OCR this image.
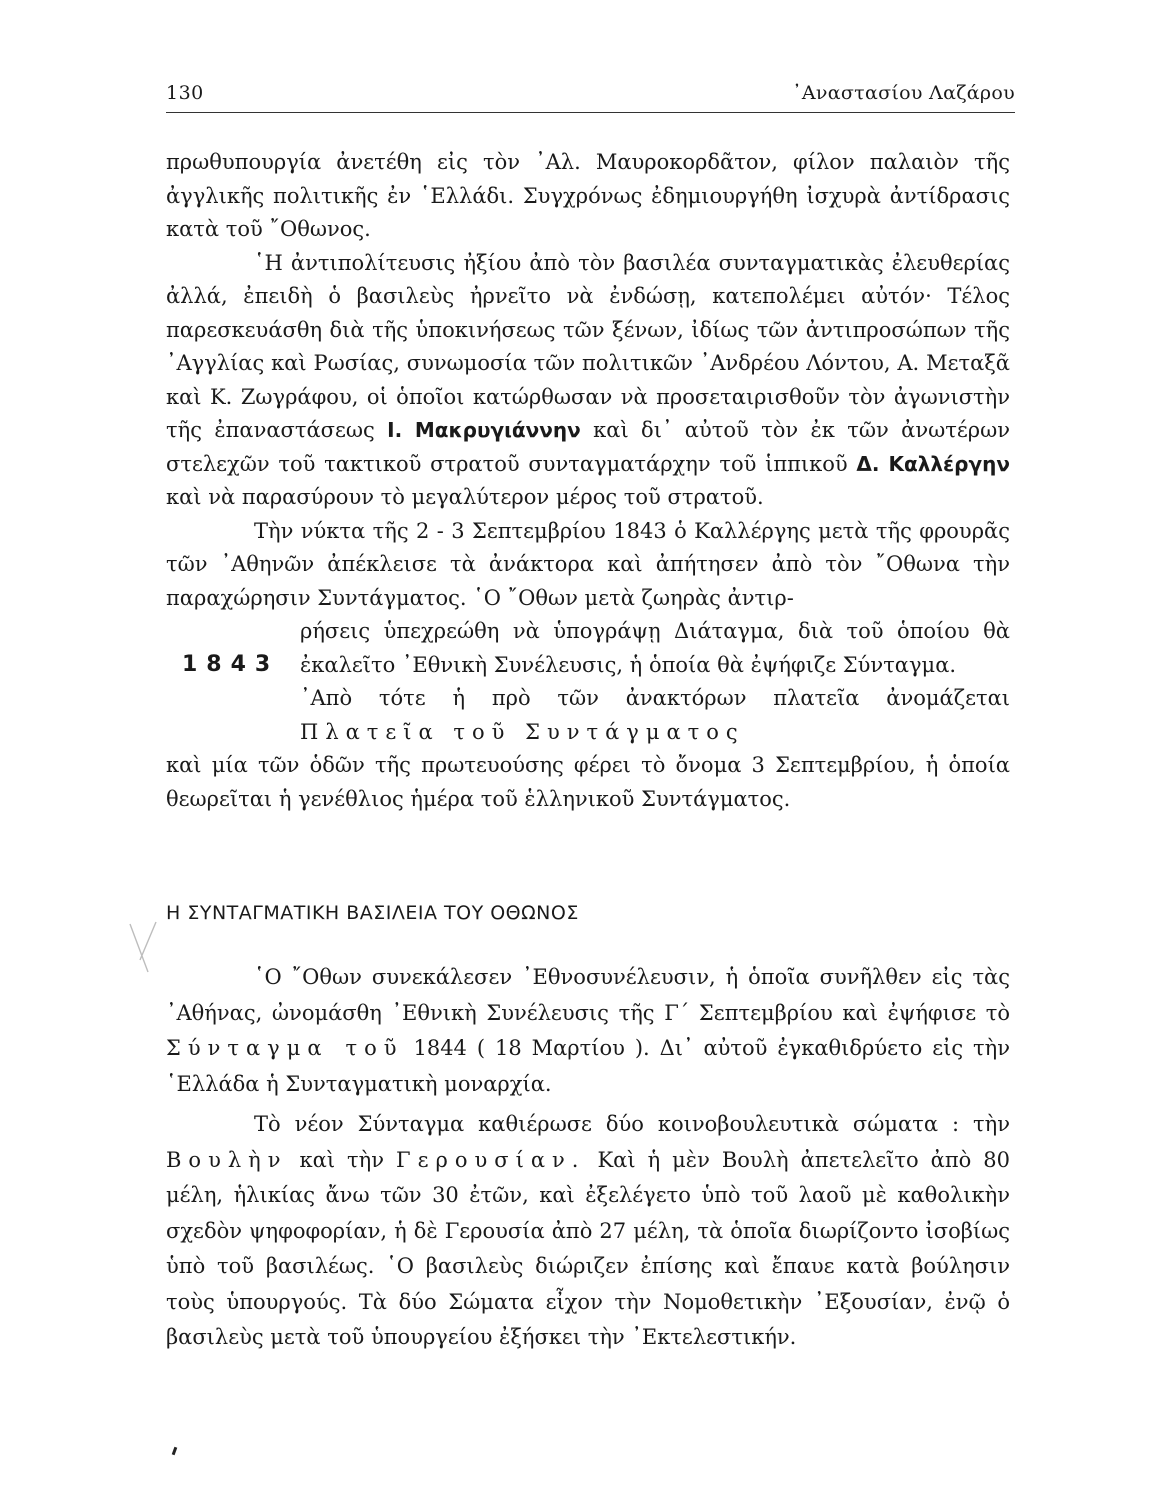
130	᾿Αναστασίου Λαζάρου

πρωθυπουργία ἀνετέθη εἰς τὸν ᾿Αλ. Μαυροκορδᾶτον, φίλον παλαιὸν τῆς ἀγγλικῆς πολιτικῆς ἐν ῾Ελλάδι. Συγχρόνως ἐδημιουργήθη ἰσχυρὰ ἀντίδρασις κατὰ τοῦ ῎Οθωνος.

῾Η ἀντιπολίτευσις ἠξίου ἀπὸ τὸν βασιλέα συνταγματικὰς ἐλευθερίας ἀλλά, ἐπειδὴ ὁ βασιλεὺς ἠρνεῖτο νὰ ἐνδώσῃ, κατεπολέμει αὐτόν· Τέλος παρεσκευάσθη διὰ τῆς ὑποκινήσεως τῶν ξένων, ἰδίως τῶν ἀντιπροσώπων τῆς ᾿Αγγλίας καὶ Ρωσίας, συνωμοσία τῶν πολιτικῶν ᾿Ανδρέου Λόντου, Α. Μεταξᾶ καὶ Κ. Ζωγράφου, οἱ ὁποῖοι κατώρθωσαν νὰ προσεταιρισθοῦν τὸν ἀγωνιστὴν τῆς ἐπαναστάσεως Ι. Μακρυγιάννην καὶ δι᾿ αὐτοῦ τὸν ἐκ τῶν ἀνωτέρων στελεχῶν τοῦ τακτικοῦ στρατοῦ συνταγματάρχην τοῦ ἱππικοῦ Δ. Καλλέργην καὶ νὰ παρασύρουν τὸ μεγαλύτερον μέρος τοῦ στρατοῦ.

Τὴν νύκτα τῆς 2 - 3 Σεπτεμβρίου 1843 ὁ Καλλέργης μετὰ τῆς φρουρᾶς τῶν ᾿Αθηνῶν ἀπέκλεισε τὰ ἀνάκτορα καὶ ἀπήτησεν ἀπὸ τὸν ῎Οθωνα τὴν παραχώρησιν Συντάγματος. ῾Ο ῎Οθων μετὰ ζωηρὰς ἀντιρ-

1843

ρήσεις ὑπεχρεώθη νὰ ὑπογράψῃ Διάταγμα, διὰ τοῦ ὁποίου θὰ ἐκαλεῖτο ᾿Εθνικὴ Συνέλευσις, ἡ ὁποία θὰ ἐψήφιζε Σύνταγμα.

᾿Απὸ τότε ἡ πρὸ τῶν ἀνακτόρων πλατεῖα ἀνομάζεται Πλατεῖα τοῦ Συντάγματος

καὶ μία τῶν ὁδῶν τῆς πρωτευούσης φέρει τὸ ὄνομα 3 Σεπτεμβρίου, ἡ ὁποία θεωρεῖται ἡ γενέθλιος ἡμέρα τοῦ ἑλληνικοῦ Συντάγματος.

Η ΣΥΝΤΑΓΜΑΤΙΚΗ ΒΑΣΙΛΕΙΑ ΤΟΥ ΟΘΩΝΟΣ

῾Ο ῎Οθων συνεκάλεσεν ᾿Εθνοσυνέλευσιν, ἡ ὁποῖα συνῆλθεν εἰς τὰς ᾿Αθήνας, ὠνομάσθη ᾿Εθνικὴ Συνέλευσις τῆς Γ´ Σεπτεμβρίου καὶ ἐψήφισε τὸ Σύνταγμα τοῦ 1844 ( 18 Μαρτίου ). Δι᾿ αὐτοῦ ἐγκαθιδρύετο εἰς τὴν ῾Ελλάδα ἡ Συνταγματικὴ μοναρχία.

Τὸ νέον Σύνταγμα καθιέρωσε δύο κοινοβουλευτικὰ σώματα : τὴν Βουλὴν καὶ τὴν Γερουσίαν. Καὶ ἡ μὲν Βουλὴ ἀπετελεῖτο ἀπὸ 80 μέλη, ἡλικίας ἄνω τῶν 30 ἐτῶν, καὶ ἐξελέγετο ὑπὸ τοῦ λαοῦ μὲ καθολικὴν σχεδὸν ψηφοφορίαν, ἡ δὲ Γερουσία ἀπὸ 27 μέλη, τὰ ὁποῖα διωρίζοντο ἰσοβίως ὑπὸ τοῦ βασιλέως. ῾Ο βασιλεὺς διώριζεν ἐπίσης καὶ ἔπαυε κατὰ βούλησιν τοὺς ὑπουργούς. Τὰ δύο Σώματα εἶχον τὴν Νομοθετικὴν ᾿Εξουσίαν, ἐνῷ ὁ βασιλεὺς μετὰ τοῦ ὑπουργείου ἐξήσκει τὴν ᾿Εκτελεστικήν.
